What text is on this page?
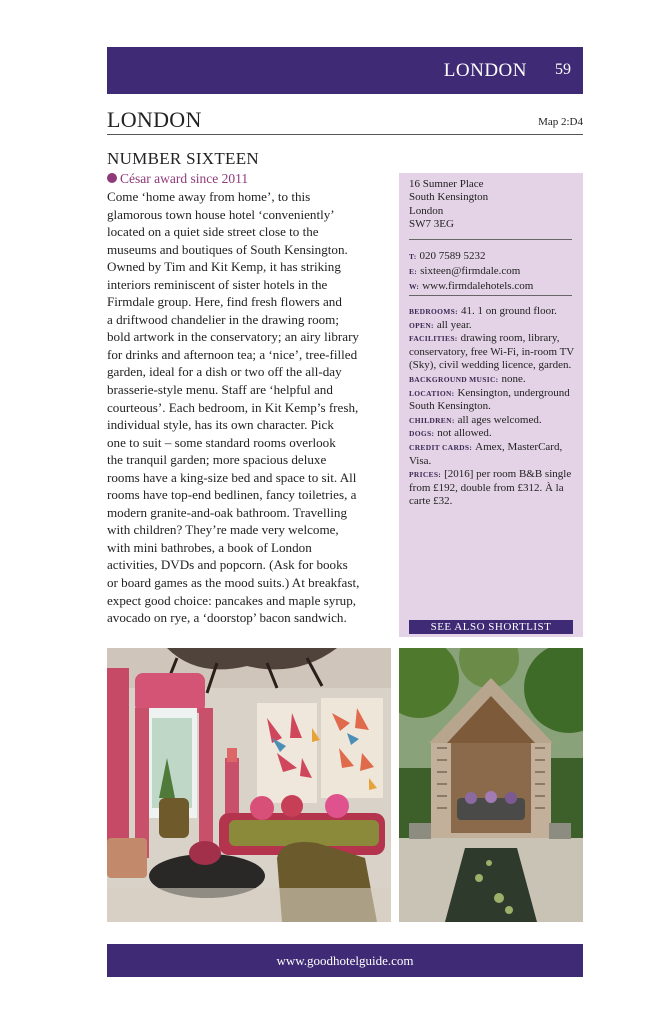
LONDON 59
LONDON	Map 2:D4
NUMBER SIXTEEN
César award since 2011

Come ‘home away from home’, to this
glamorous town house hotel ‘conveniently’
located on a quiet side street close to the
museums and boutiques of South Kensington.
Owned by Tim and Kit Kemp, it has striking
interiors reminiscent of sister hotels in the
Firmdale group. Here, find fresh flowers and
a driftwood chandelier in the drawing room;
bold artwork in the conservatory; an airy library
for drinks and afternoon tea; a ‘nice’, tree-filled
garden, ideal for a dish or two off the all-day
brasserie-style menu. Staff are ‘helpful and
courteous’. Each bedroom, in Kit Kemp’s fresh,
individual style, has its own character. Pick
one to suit – some standard rooms overlook
the tranquil garden; more spacious deluxe
rooms have a king-size bed and space to sit. All
rooms have top-end bedlinen, fancy toiletries, a
modern granite-and-oak bathroom. Travelling
with children? They’re made very welcome,
with mini bathrobes, a book of London
activities, DVDs and popcorn. (Ask for books
or board games as the mood suits.) At breakfast,
expect good choice: pancakes and maple syrup,
avocado on rye, a ‘doorstop’ bacon sandwich.

16 Sumner Place
South Kensington
London
SW7 3EG
T: 020 7589 5232
E: sixteen@firmdale.com
W: www.firmdalehotels.com

BEDROOMS: 41. 1 on ground floor.

OPEN: all year.

FACILITIES: drawing room, library, conservatory, free Wi-Fi, in-room TV (Sky), civil wedding licence, garden.

BACKGROUND MUSIC: none.

LOCATION: Kensington, underground South Kensington.

CHILDREN: all ages welcomed.

DOGS: not allowed.

CREDIT CARDS: Amex, MasterCard, Visa.

PRICES: [2016] per room B&B single from £192, double from £312. À la carte £32.

SEE ALSO SHORTLIST
www.goodhotelguide.com
